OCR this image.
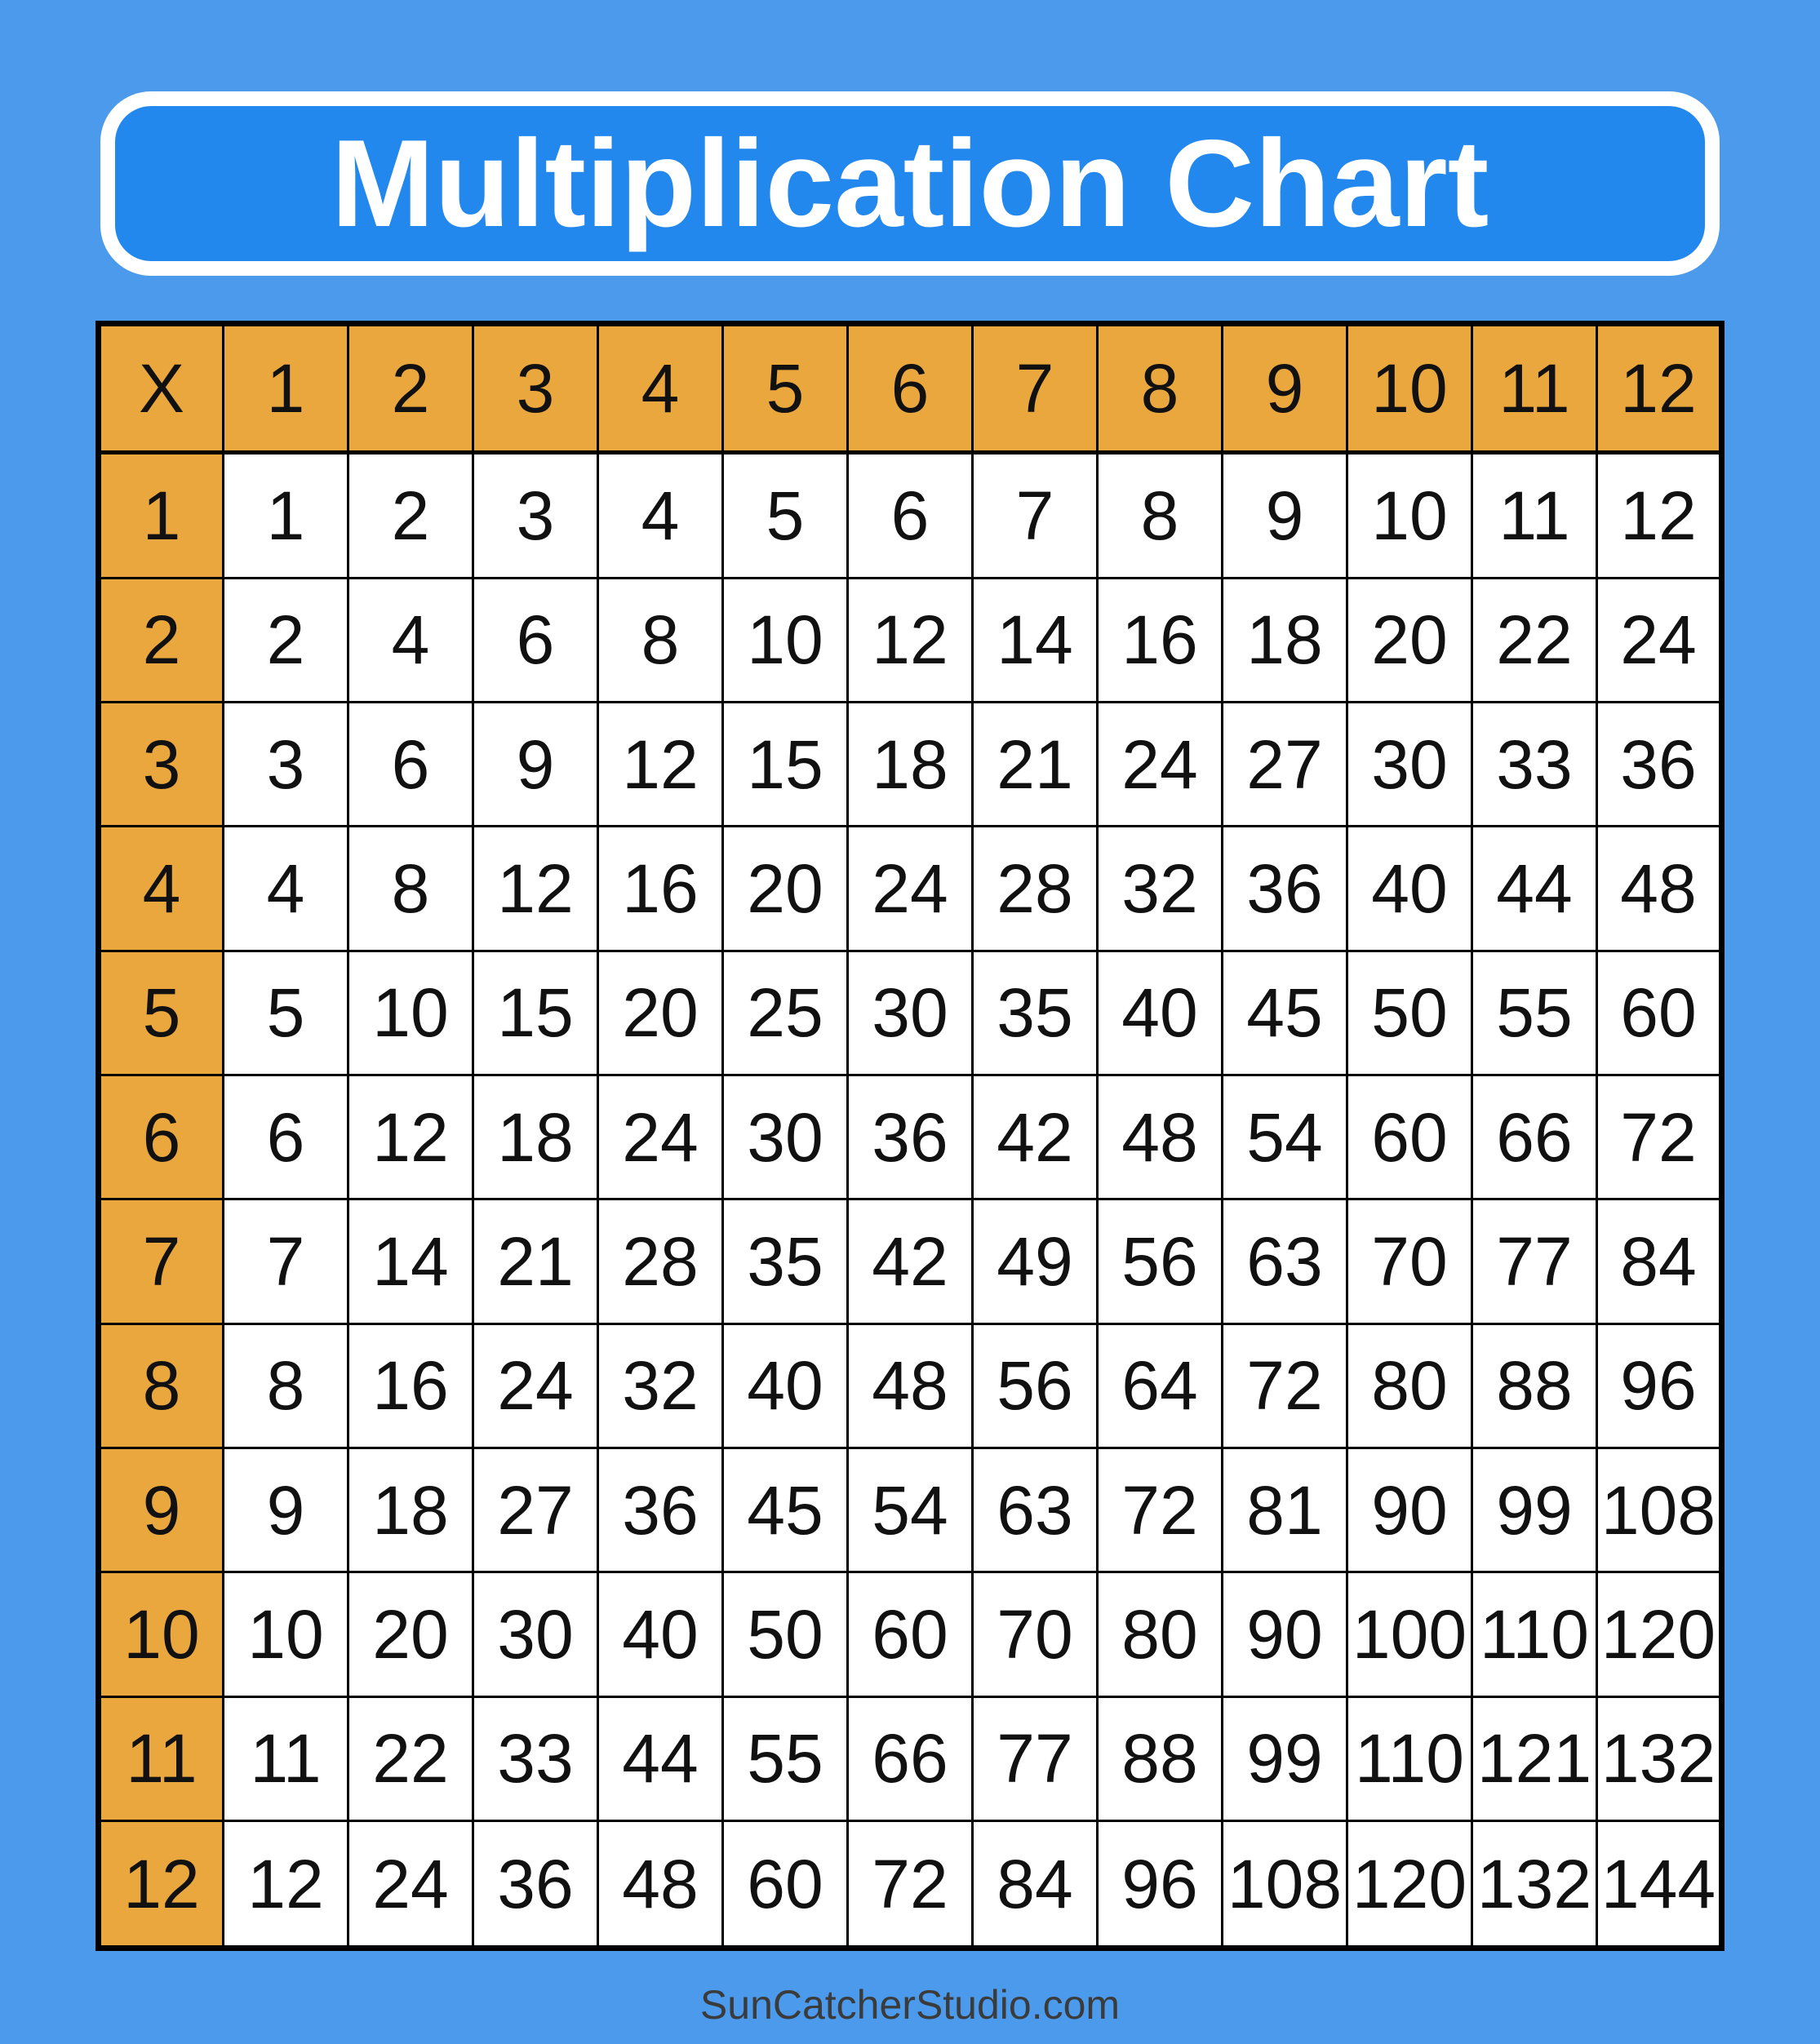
Multiplication Chart
X	1	2	3	4	5	6	7	8	9	10	11	12
1	1	2	3	4	5	6	7	8	9	10	11	12
2	2	4	6	8	10	12	14	16	18	20	22	24
3	3	6	9	12	15	18	21	24	27	30	33	36
4	4	8	12	16	20	24	28	32	36	40	44	48
5	5	10	15	20	25	30	35	40	45	50	55	60
6	6	12	18	24	30	36	42	48	54	60	66	72
7	7	14	21	28	35	42	49	56	63	70	77	84
8	8	16	24	32	40	48	56	64	72	80	88	96
9	9	18	27	36	45	54	63	72	81	90	99	108
10	10	20	30	40	50	60	70	80	90	100	110	120
11	11	22	33	44	55	66	77	88	99	110	121	132
12	12	24	36	48	60	72	84	96	108	120	132	144
SunCatcherStudio.com
